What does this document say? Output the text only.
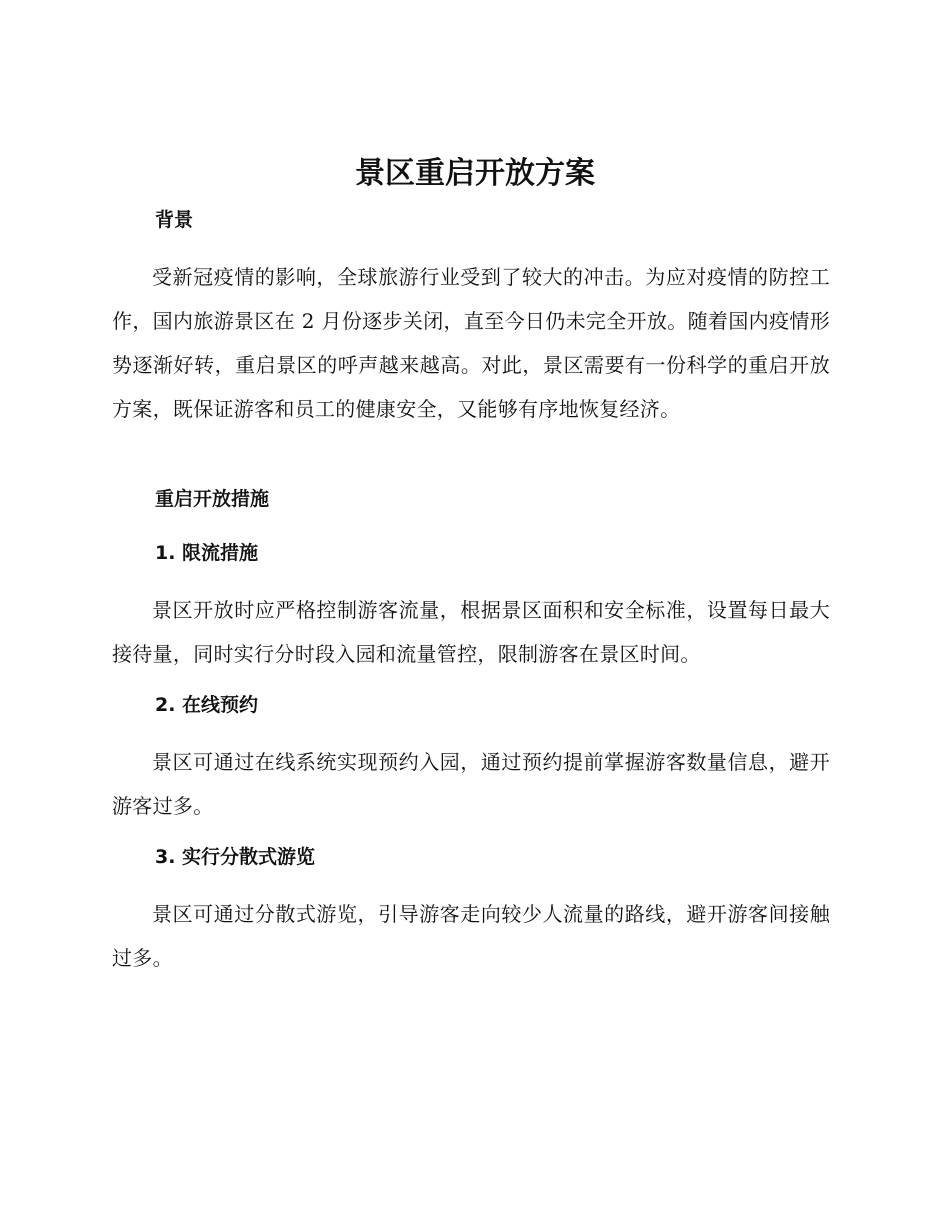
景区重启开放方案
背景

受新冠疫情的影响，全球旅游行业受到了较大的冲击。为应对疫情的防控工作，国内旅游景区在 2 月份逐步关闭，直至今日仍未完全开放。随着国内疫情形势逐渐好转，重启景区的呼声越来越高。对此，景区需要有一份科学的重启开放方案，既保证游客和员工的健康安全，又能够有序地恢复经济。

重启开放措施
1. 限流措施

景区开放时应严格控制游客流量，根据景区面积和安全标准，设置每日最大接待量，同时实行分时段入园和流量管控，限制游客在景区时间。

2. 在线预约

景区可通过在线系统实现预约入园，通过预约提前掌握游客数量信息，避开游客过多。

3. 实行分散式游览

景区可通过分散式游览，引导游客走向较少人流量的路线，避开游客间接触过多。
